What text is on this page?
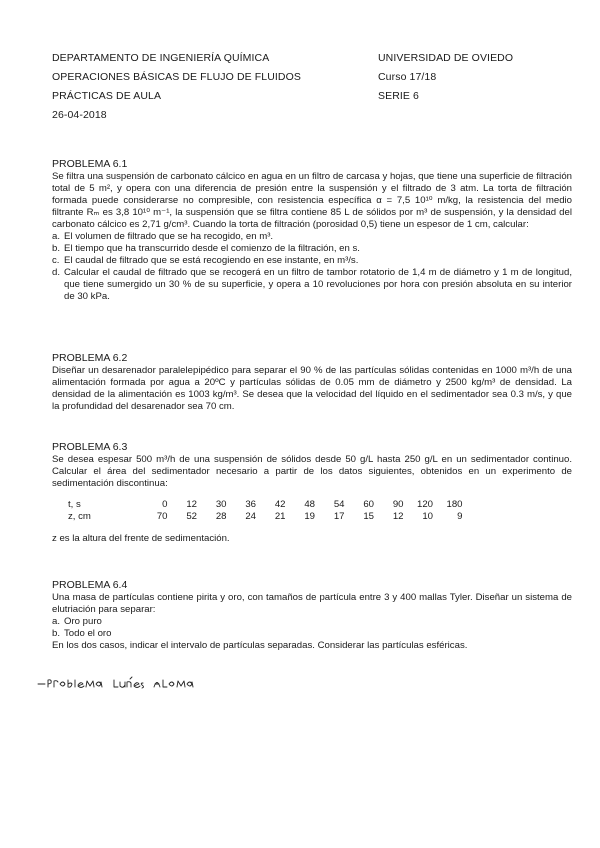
DEPARTAMENTO DE INGENIERÍA QUÍMICA
OPERACIONES BÁSICAS DE FLUJO DE FLUIDOS
PRÁCTICAS DE AULA
26-04-2018
UNIVERSIDAD DE OVIEDO
Curso 17/18
SERIE 6
PROBLEMA 6.1
Se filtra una suspensión de carbonato cálcico en agua en un filtro de carcasa y hojas, que tiene una superficie de filtración total de 5 m², y opera con una diferencia de presión entre la suspensión y el filtrado de 3 atm. La torta de filtración formada puede considerarse no compresible, con resistencia específica α = 7,5 10¹⁰ m/kg, la resistencia del medio filtrante Rₘ es 3,8 10¹⁰ m⁻¹, la suspensión que se filtra contiene 85 L de sólidos por m³ de suspensión, y la densidad del carbonato cálcico es 2,71 g/cm³. Cuando la torta de filtración (porosidad 0,5) tiene un espesor de 1 cm, calcular:
a. El volumen de filtrado que se ha recogido, en m³.
b. El tiempo que ha transcurrido desde el comienzo de la filtración, en s.
c. El caudal de filtrado que se está recogiendo en ese instante, en m³/s.
d. Calcular el caudal de filtrado que se recogerá en un filtro de tambor rotatorio de 1,4 m de diámetro y 1 m de longitud, que tiene sumergido un 30 % de su superficie, y opera a 10 revoluciones por hora con presión absoluta en su interior de 30 kPa.
PROBLEMA 6.2
Diseñar un desarenador paralelepipédico para separar el 90 % de las partículas sólidas contenidas en 1000 m³/h de una alimentación formada por agua a 20ºC y partículas sólidas de 0.05 mm de diámetro y 2500 kg/m³ de densidad. La densidad de la alimentación es 1003 kg/m³. Se desea que la velocidad del líquido en el sedimentador sea 0.3 m/s, y que la profundidad del desarenador sea 70 cm.
PROBLEMA 6.3
Se desea espesar 500 m³/h de una suspensión de sólidos desde 50 g/L hasta 250 g/L en un sedimentador continuo. Calcular el área del sedimentador necesario a partir de los datos siguientes, obtenidos en un experimento de sedimentación discontinua:
t, s	0	12	30	36	42	48	54	60	90	120	180
z, cm	70	52	28	24	21	19	17	15	12	10	9
z es la altura del frente de sedimentación.
PROBLEMA 6.4
Una masa de partículas contiene pirita y oro, con tamaños de partícula entre 3 y 400 mallas Tyler. Diseñar un sistema de elutriación para separar:
a. Oro puro
b. Todo el oro
En los dos casos, indicar el intervalo de partículas separadas. Considerar las partículas esféricas.
